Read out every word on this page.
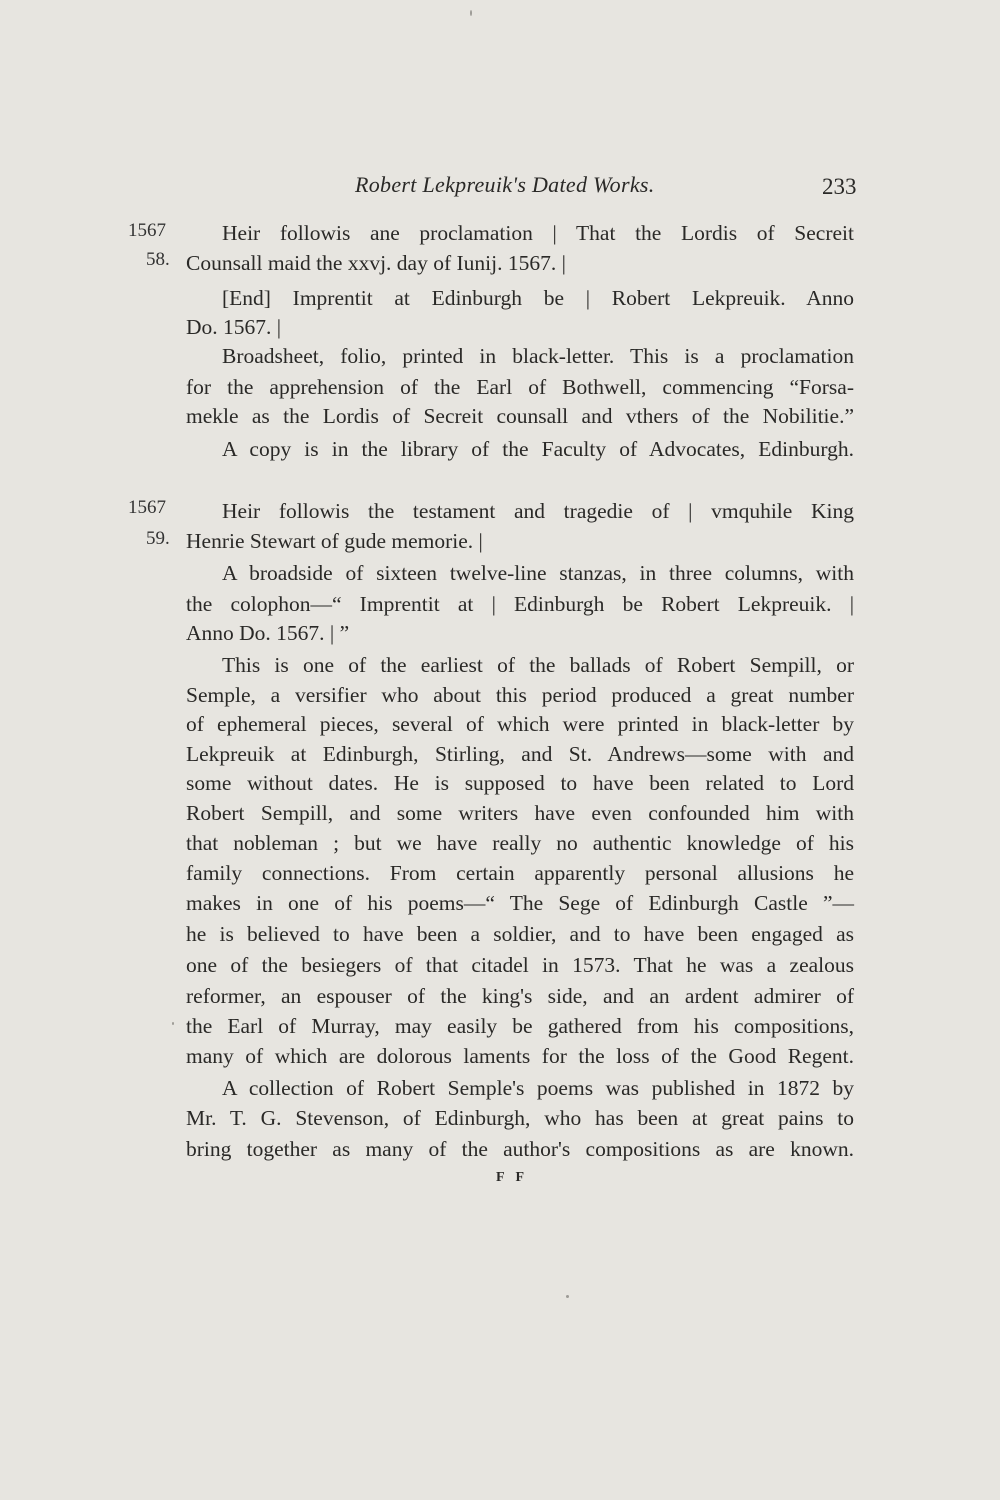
Robert Lekpreuik's Dated Works.	233
1567
58.
Heir followis ane proclamation | That the Lordis of Secreit
Counsall maid the xxvj. day of Iunij. 1567. |
[End] Imprentit at Edinburgh be | Robert Lekpreuik. Anno
Do. 1567. |
Broadsheet, folio, printed in black-letter. This is a proclamation
for the apprehension of the Earl of Bothwell, commencing “Forsa-
mekle as the Lordis of Secreit counsall and vthers of the Nobilitie.”
A copy is in the library of the Faculty of Advocates, Edinburgh.
1567
59.
Heir followis the testament and tragedie of | vmquhile King
Henrie Stewart of gude memorie. |
A broadside of sixteen twelve-line stanzas, in three columns, with
the colophon—“ Imprentit at | Edinburgh be Robert Lekpreuik. |
Anno Do. 1567. | ”
This is one of the earliest of the ballads of Robert Sempill, or
Semple, a versifier who about this period produced a great number
of ephemeral pieces, several of which were printed in black-letter by
Lekpreuik at Edinburgh, Stirling, and St. Andrews—some with and
some without dates. He is supposed to have been related to Lord
Robert Sempill, and some writers have even confounded him with
that nobleman ; but we have really no authentic knowledge of his
family connections. From certain apparently personal allusions he
makes in one of his poems—“ The Sege of Edinburgh Castle ”—
he is believed to have been a soldier, and to have been engaged as
one of the besiegers of that citadel in 1573. That he was a zealous
reformer, an espouser of the king's side, and an ardent admirer of
the Earl of Murray, may easily be gathered from his compositions,
many of which are dolorous laments for the loss of the Good Regent.
A collection of Robert Semple's poems was published in 1872 by
Mr. T. G. Stevenson, of Edinburgh, who has been at great pains to
bring together as many of the author's compositions as are known.
F F
